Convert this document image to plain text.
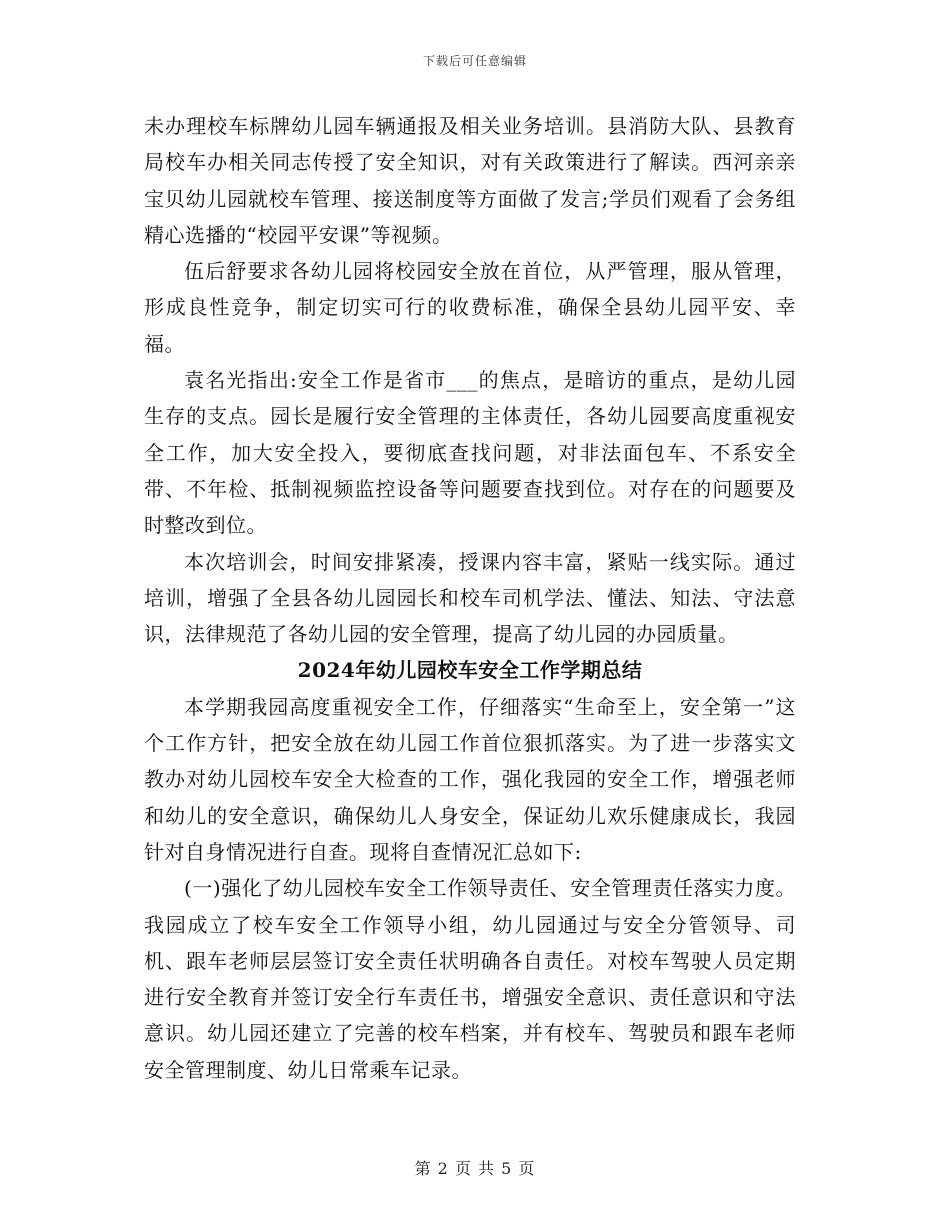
下载后可任意编辑

未办理校车标牌幼儿园车辆通报及相关业务培训。县消防大队、县教育局校车办相关同志传授了安全知识，对有关政策进行了解读。西河亲亲宝贝幼儿园就校车管理、接送制度等方面做了发言;学员们观看了会务组精心选播的“校园平安课”等视频。

伍后舒要求各幼儿园将校园安全放在首位，从严管理，服从管理，形成良性竞争，制定切实可行的收费标准，确保全县幼儿园平安、幸福。

袁名光指出:安全工作是省市___的焦点，是暗访的重点，是幼儿园生存的支点。园长是履行安全管理的主体责任，各幼儿园要高度重视安全工作，加大安全投入，要彻底查找问题，对非法面包车、不系安全带、不年检、抵制视频监控设备等问题要查找到位。对存在的问题要及时整改到位。

本次培训会，时间安排紧凑，授课内容丰富，紧贴一线实际。通过培训，增强了全县各幼儿园园长和校车司机学法、懂法、知法、守法意识，法律规范了各幼儿园的安全管理，提高了幼儿园的办园质量。

2024年幼儿园校车安全工作学期总结

本学期我园高度重视安全工作，仔细落实“生命至上，安全第一”这个工作方针，把安全放在幼儿园工作首位狠抓落实。为了进一步落实文教办对幼儿园校车安全大检查的工作，强化我园的安全工作，增强老师和幼儿的安全意识，确保幼儿人身安全，保证幼儿欢乐健康成长，我园针对自身情况进行自查。现将自查情况汇总如下:

(一)强化了幼儿园校车安全工作领导责任、安全管理责任落实力度。我园成立了校车安全工作领导小组，幼儿园通过与安全分管领导、司机、跟车老师层层签订安全责任状明确各自责任。对校车驾驶人员定期进行安全教育并签订安全行车责任书，增强安全意识、责任意识和守法意识。幼儿园还建立了完善的校车档案，并有校车、驾驶员和跟车老师安全管理制度、幼儿日常乘车记录。

第 2 页 共 5 页
